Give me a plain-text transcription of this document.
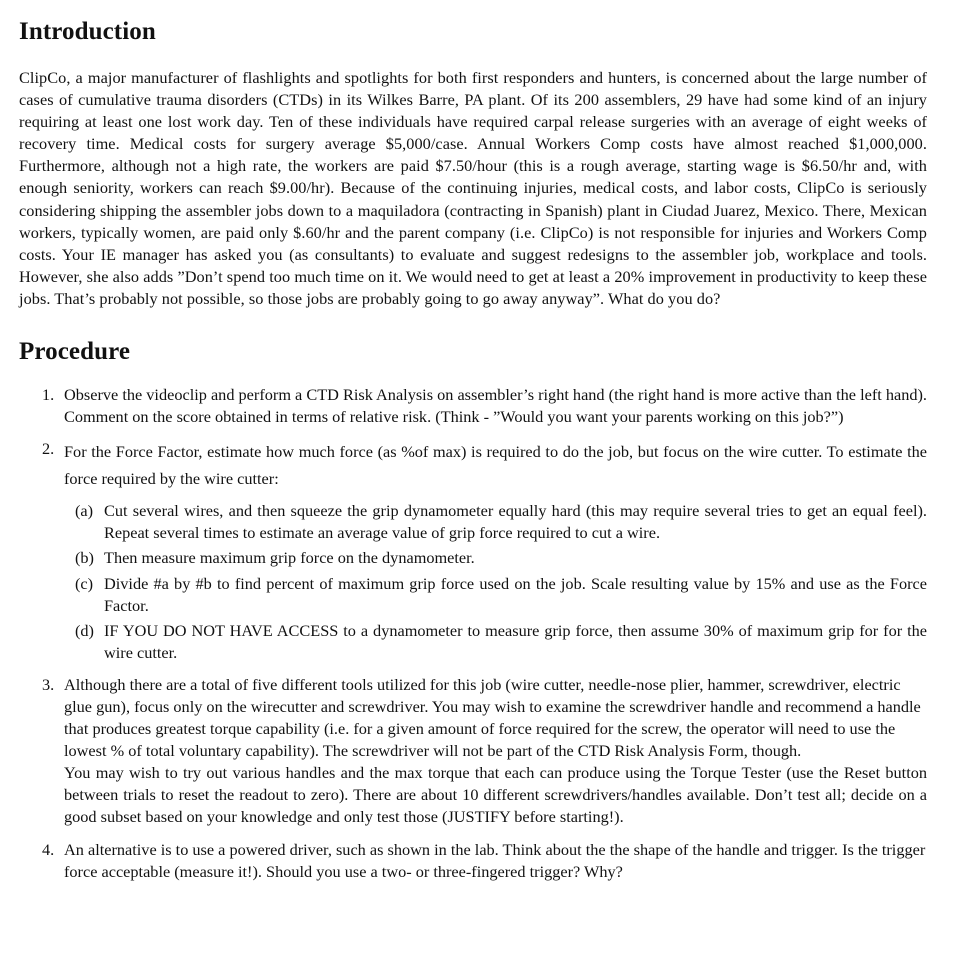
Introduction

ClipCo, a major manufacturer of flashlights and spotlights for both first responders and hunters, is concerned about the large number of cases of cumulative trauma disorders (CTDs) in its Wilkes Barre, PA plant. Of its 200 assemblers, 29 have had some kind of an injury requiring at least one lost work day. Ten of these individuals have required carpal release surgeries with an average of eight weeks of recovery time. Medical costs for surgery average $5,000/case. Annual Workers Comp costs have almost reached $1,000,000. Furthermore, although not a high rate, the workers are paid $7.50/hour (this is a rough average, starting wage is $6.50/hr and, with enough seniority, workers can reach $9.00/hr). Because of the continuing injuries, medical costs, and labor costs, ClipCo is seriously considering shipping the assembler jobs down to a maquiladora (contracting in Spanish) plant in Ciudad Juarez, Mexico. There, Mexican workers, typically women, are paid only $.60/hr and the parent company (i.e. ClipCo) is not responsible for injuries and Workers Comp costs. Your IE manager has asked you (as consultants) to evaluate and suggest redesigns to the assembler job, workplace and tools. However, she also adds ”Don’t spend too much time on it. We would need to get at least a 20% improvement in productivity to keep these jobs. That’s probably not possible, so those jobs are probably going to go away anyway”. What do you do?

Procedure
1. Observe the videoclip and perform a CTD Risk Analysis on assembler’s right hand (the right hand is more active than the left hand). Comment on the score obtained in terms of relative risk. (Think - ”Would you want your parents working on this job?”)
2. For the Force Factor, estimate how much force (as %of max) is required to do the job, but focus on the wire cutter. To estimate the force required by the wire cutter:
(a) Cut several wires, and then squeeze the grip dynamometer equally hard (this may require several tries to get an equal feel). Repeat several times to estimate an average value of grip force required to cut a wire.
(b) Then measure maximum grip force on the dynamometer.
(c) Divide #a by #b to find percent of maximum grip force used on the job. Scale resulting value by 15% and use as the Force Factor.
(d) IF YOU DO NOT HAVE ACCESS to a dynamometer to measure grip force, then assume 30% of maximum grip for for the wire cutter.
3. Although there are a total of five different tools utilized for this job (wire cutter, needle-nose plier, hammer, screwdriver, electric glue gun), focus only on the wirecutter and screwdriver. You may wish to examine the screwdriver handle and recommend a handle that produces greatest torque capability (i.e. for a given amount of force required for the screw, the operator will need to use the lowest % of total voluntary capability). The screwdriver will not be part of the CTD Risk Analysis Form, though.
You may wish to try out various handles and the max torque that each can produce using the Torque Tester (use the Reset button between trials to reset the readout to zero). There are about 10 different screwdrivers/handles available. Don’t test all; decide on a good subset based on your knowledge and only test those (JUSTIFY before starting!).
4. An alternative is to use a powered driver, such as shown in the lab. Think about the the shape of the handle and trigger. Is the trigger force acceptable (measure it!). Should you use a two- or three-fingered trigger? Why?
